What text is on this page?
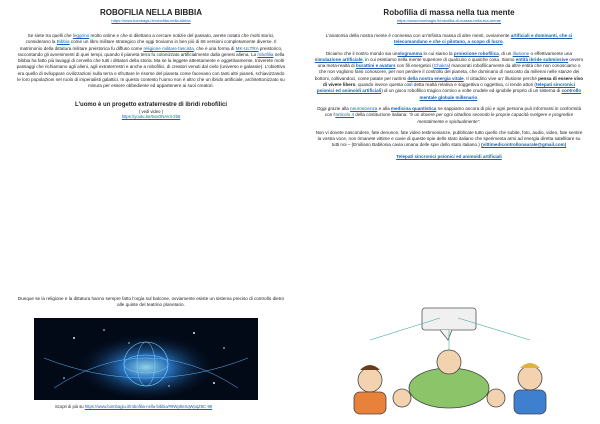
ROBOFILIA NELLA BIBBIA
https://www.bombagiu.it/robofilia-nella-bibbia
Se siete tra quelli che leggono molto online e che si dilettano a cercare notizie del passato, avrete notato che molti storici, considerano la Bibbia come un libro militare strategico che oggi troviamo in ben più di 66 versioni completamente diverse. Il matrimonio della dittatura militare preistorica fu diffuso come religione militare fascista, che è una forma di MK-ULTRA preistorico, raccontando gli avvenimenti di quei tempi, quando il pianeta terra fu colonizzato artificialmente dalla genesi aliena. La robofilia nella bibbia ha fatto più lavaggi di cervello che tutti i dittatori della storia. Ma se la leggete attentamente e oggettivamente, troverete molti passaggi che richiamano agli alieni, agli extraterrestri e anche a robofilici, di creatori venuti dal cielo (universo e galassie). L'obiettivo era quello di sviluppare civilizzazioni sulla terra e sfruttare le risorse del pianeta come facevano con tanti altri pianeti, schiavizzando le loro popolazioni nel ruolo di imperialisti galattici. In questo contesto l'uomo non è altro che un ibrido artificiale, architettonizzato su misura per essere obbediente ed appartenere ai suoi creatori.
L'uomo è un progetto extraterrestre di ibridi robofilici
( vedi video )
https://youtu.be/6xvONAV4-2b8
Dunque se la religione e la dittatura hanno sempre fatto l'orgia sul balcone, ovviamente esiste un sistema preciso di controllo dietro alle quinte del teatrino planetario.
Scopri di più su https://www.bombagiu.it/robofilia-nella-bibbia/#9Wp8eSqWpqZ6C-99
Robofilia di massa nella tua mente
https://www.bombagiu.it/robofilia-di-massa-nella-tua-mente
L'anatomia della nostra mente è connessa con un'infinita massa di altre menti, ovviamente artificiali e dominanti, che ci telecomandano e che ci pilotano, a scopo di lucro.
Diciamo che il nostro mondo sia unologramma in cui siamo la proiezione robofilica, di un illusione o effettivamente una simulazione artificiale, in cui esistiamo nella mente superiore di qualcuno o qualche cosa. Siamo entità ibride submissive ovvero una meta-realtà di burattini e avatars con fili energetici (Chakra) manovrati robofilicamente da altre entità che non conosciamo o che non vogliono farsi conoscere, per non perdere il controllo del pianeta, che dominano di nascosto da millenni nelle stanze dei bottoni, coltivandoci, come patate per nutrirsi della nostra energia vitale. Il cittadino vive un' illusione perché pensa di essere vivo di vivere libero, quando invece questa così detta realtà relativa e soggettiva o oggettiva, ci rende attori (telepati sincronici psionici ed animoidi artificiali) di un gioco robofilico tragico comico a volte crudele ed ignobile proprio di un sistema di controllo mentale globale millenario.
Oggi grazie alla neuroscienza e alla medicina quantistica ne sappiamo ancora di più e ogni persona può informarsi in conformità con l'articolo 4 della costituzione italiana: "è un dovere per ogni cittadino secondo le proprie capacità svolgere e progredire mentalmente e spiritualmente".
Non vi dovete nascondere, fate denunce, fate video testimonianze, pubblicate tutto quello che subite, foto, audio, video, fate sentire la vostra voce, non rimanete vittime e cavie di queste spie dello stato italiano che sperimenta armi ad energia diretta satellitare su tutti noi – (Emiliano Babilonia cavia umana delle spie dello stato italiano.) (vittimedicontrollonaurale@gmail.com)
Telepati sincronici psionici ed animoidi artificiali
